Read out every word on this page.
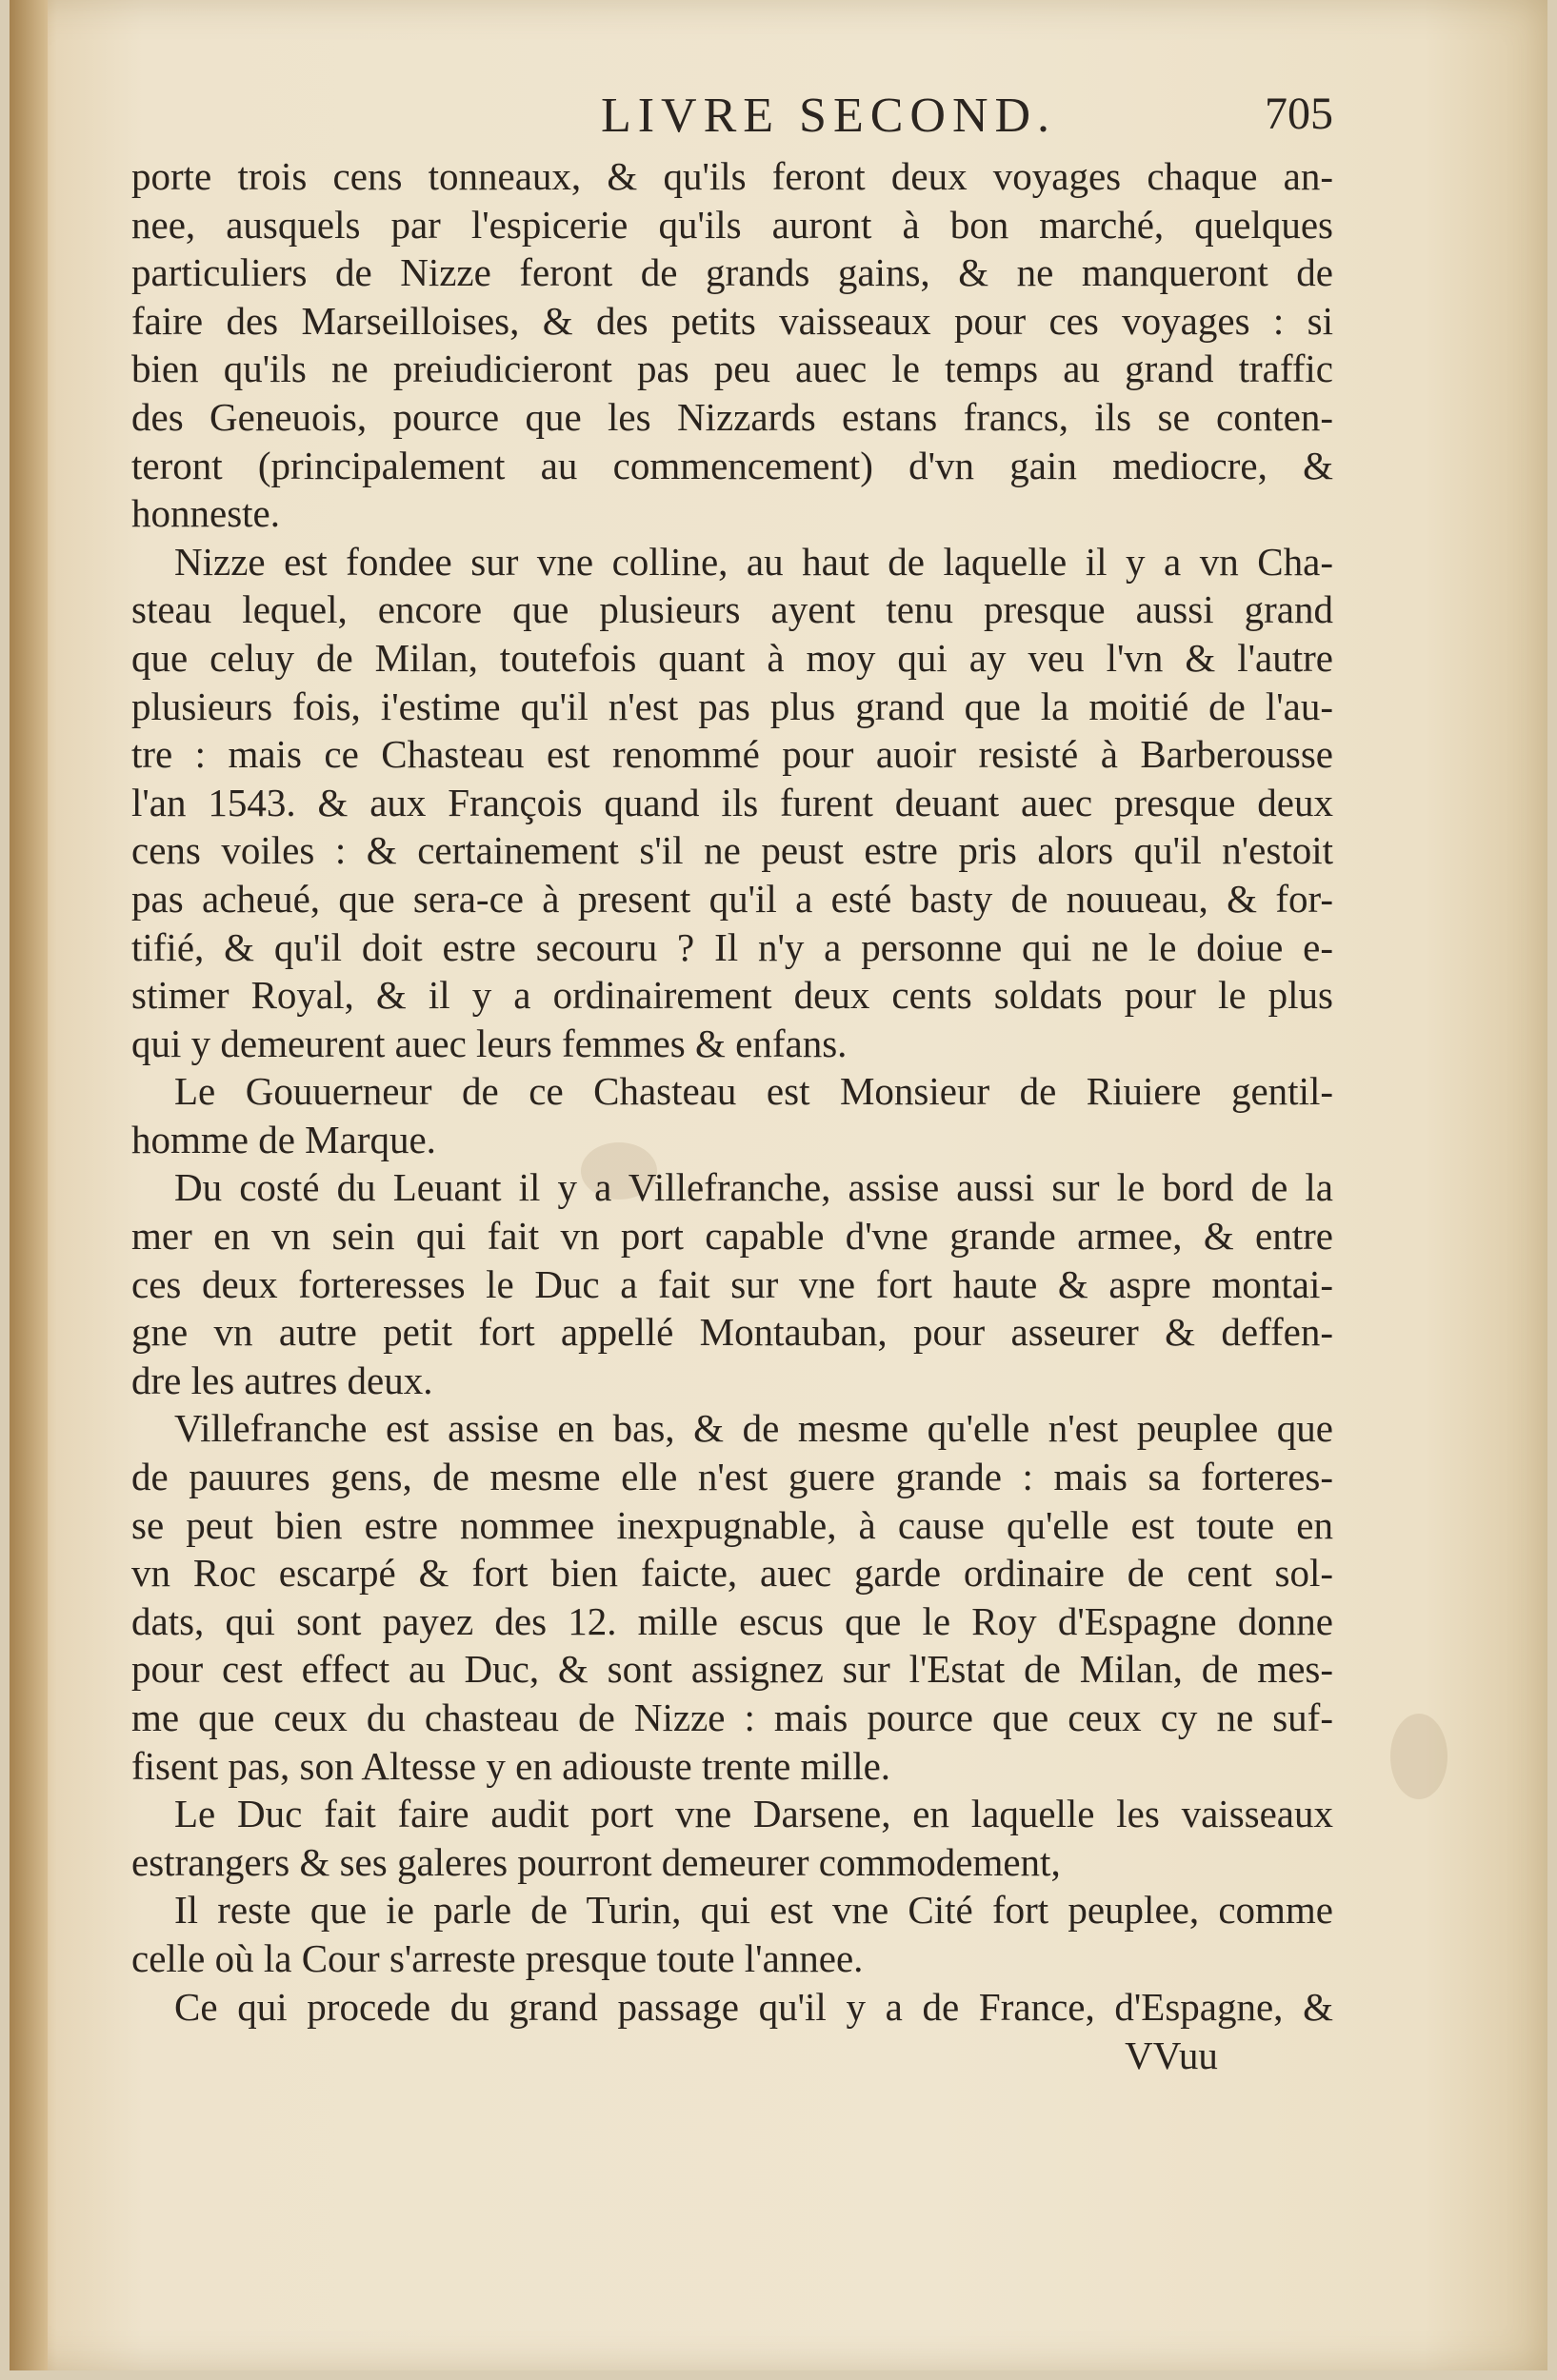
LIVRE SECOND.	705
porte trois cens tonneaux, & qu'ils feront deux voyages chaque an-
nee, ausquels par l'espicerie qu'ils auront à bon marché, quelques
particuliers de Nizze feront de grands gains, & ne manqueront de
faire des Marseilloises, & des petits vaisseaux pour ces voyages : si
bien qu'ils ne preiudicieront pas peu auec le temps au grand traffic
des Geneuois, pource que les Nizzards estans francs, ils se conten-
teront (principalement au commencement) d'vn gain mediocre, &
honneste.
Nizze est fondee sur vne colline, au haut de laquelle il y a vn Cha-
steau lequel, encore que plusieurs ayent tenu presque aussi grand
que celuy de Milan, toutefois quant à moy qui ay veu l'vn & l'autre
plusieurs fois, i'estime qu'il n'est pas plus grand que la moitié de l'au-
tre : mais ce Chasteau est renommé pour auoir resisté à Barberousse
l'an 1543. & aux François quand ils furent deuant auec presque deux
cens voiles : & certainement s'il ne peust estre pris alors qu'il n'estoit
pas acheué, que sera-ce à present qu'il a esté basty de nouueau, & for-
tifié, & qu'il doit estre secouru ? Il n'y a personne qui ne le doiue e-
stimer Royal, & il y a ordinairement deux cents soldats pour le plus
qui y demeurent auec leurs femmes & enfans.
Le Gouuerneur de ce Chasteau est Monsieur de Riuiere gentil-
homme de Marque.
Du costé du Leuant il y a Villefranche, assise aussi sur le bord de la
mer en vn sein qui fait vn port capable d'vne grande armee, & entre
ces deux forteresses le Duc a fait sur vne fort haute & aspre montai-
gne vn autre petit fort appellé Montauban, pour asseurer & deffen-
dre les autres deux.
Villefranche est assise en bas, & de mesme qu'elle n'est peuplee que
de pauures gens, de mesme elle n'est guere grande : mais sa forteres-
se peut bien estre nommee inexpugnable, à cause qu'elle est toute en
vn Roc escarpé & fort bien faicte, auec garde ordinaire de cent sol-
dats, qui sont payez des 12. mille escus que le Roy d'Espagne donne
pour cest effect au Duc, & sont assignez sur l'Estat de Milan, de mes-
me que ceux du chasteau de Nizze : mais pource que ceux cy ne suf-
fisent pas, son Altesse y en adiouste trente mille.
Le Duc fait faire audit port vne Darsene, en laquelle les vaisseaux
estrangers & ses galeres pourront demeurer commodement,
Il reste que ie parle de Turin, qui est vne Cité fort peuplee, comme
celle où la Cour s'arreste presque toute l'annee.
Ce qui procede du grand passage qu'il y a de France, d'Espagne, &
VVuu
